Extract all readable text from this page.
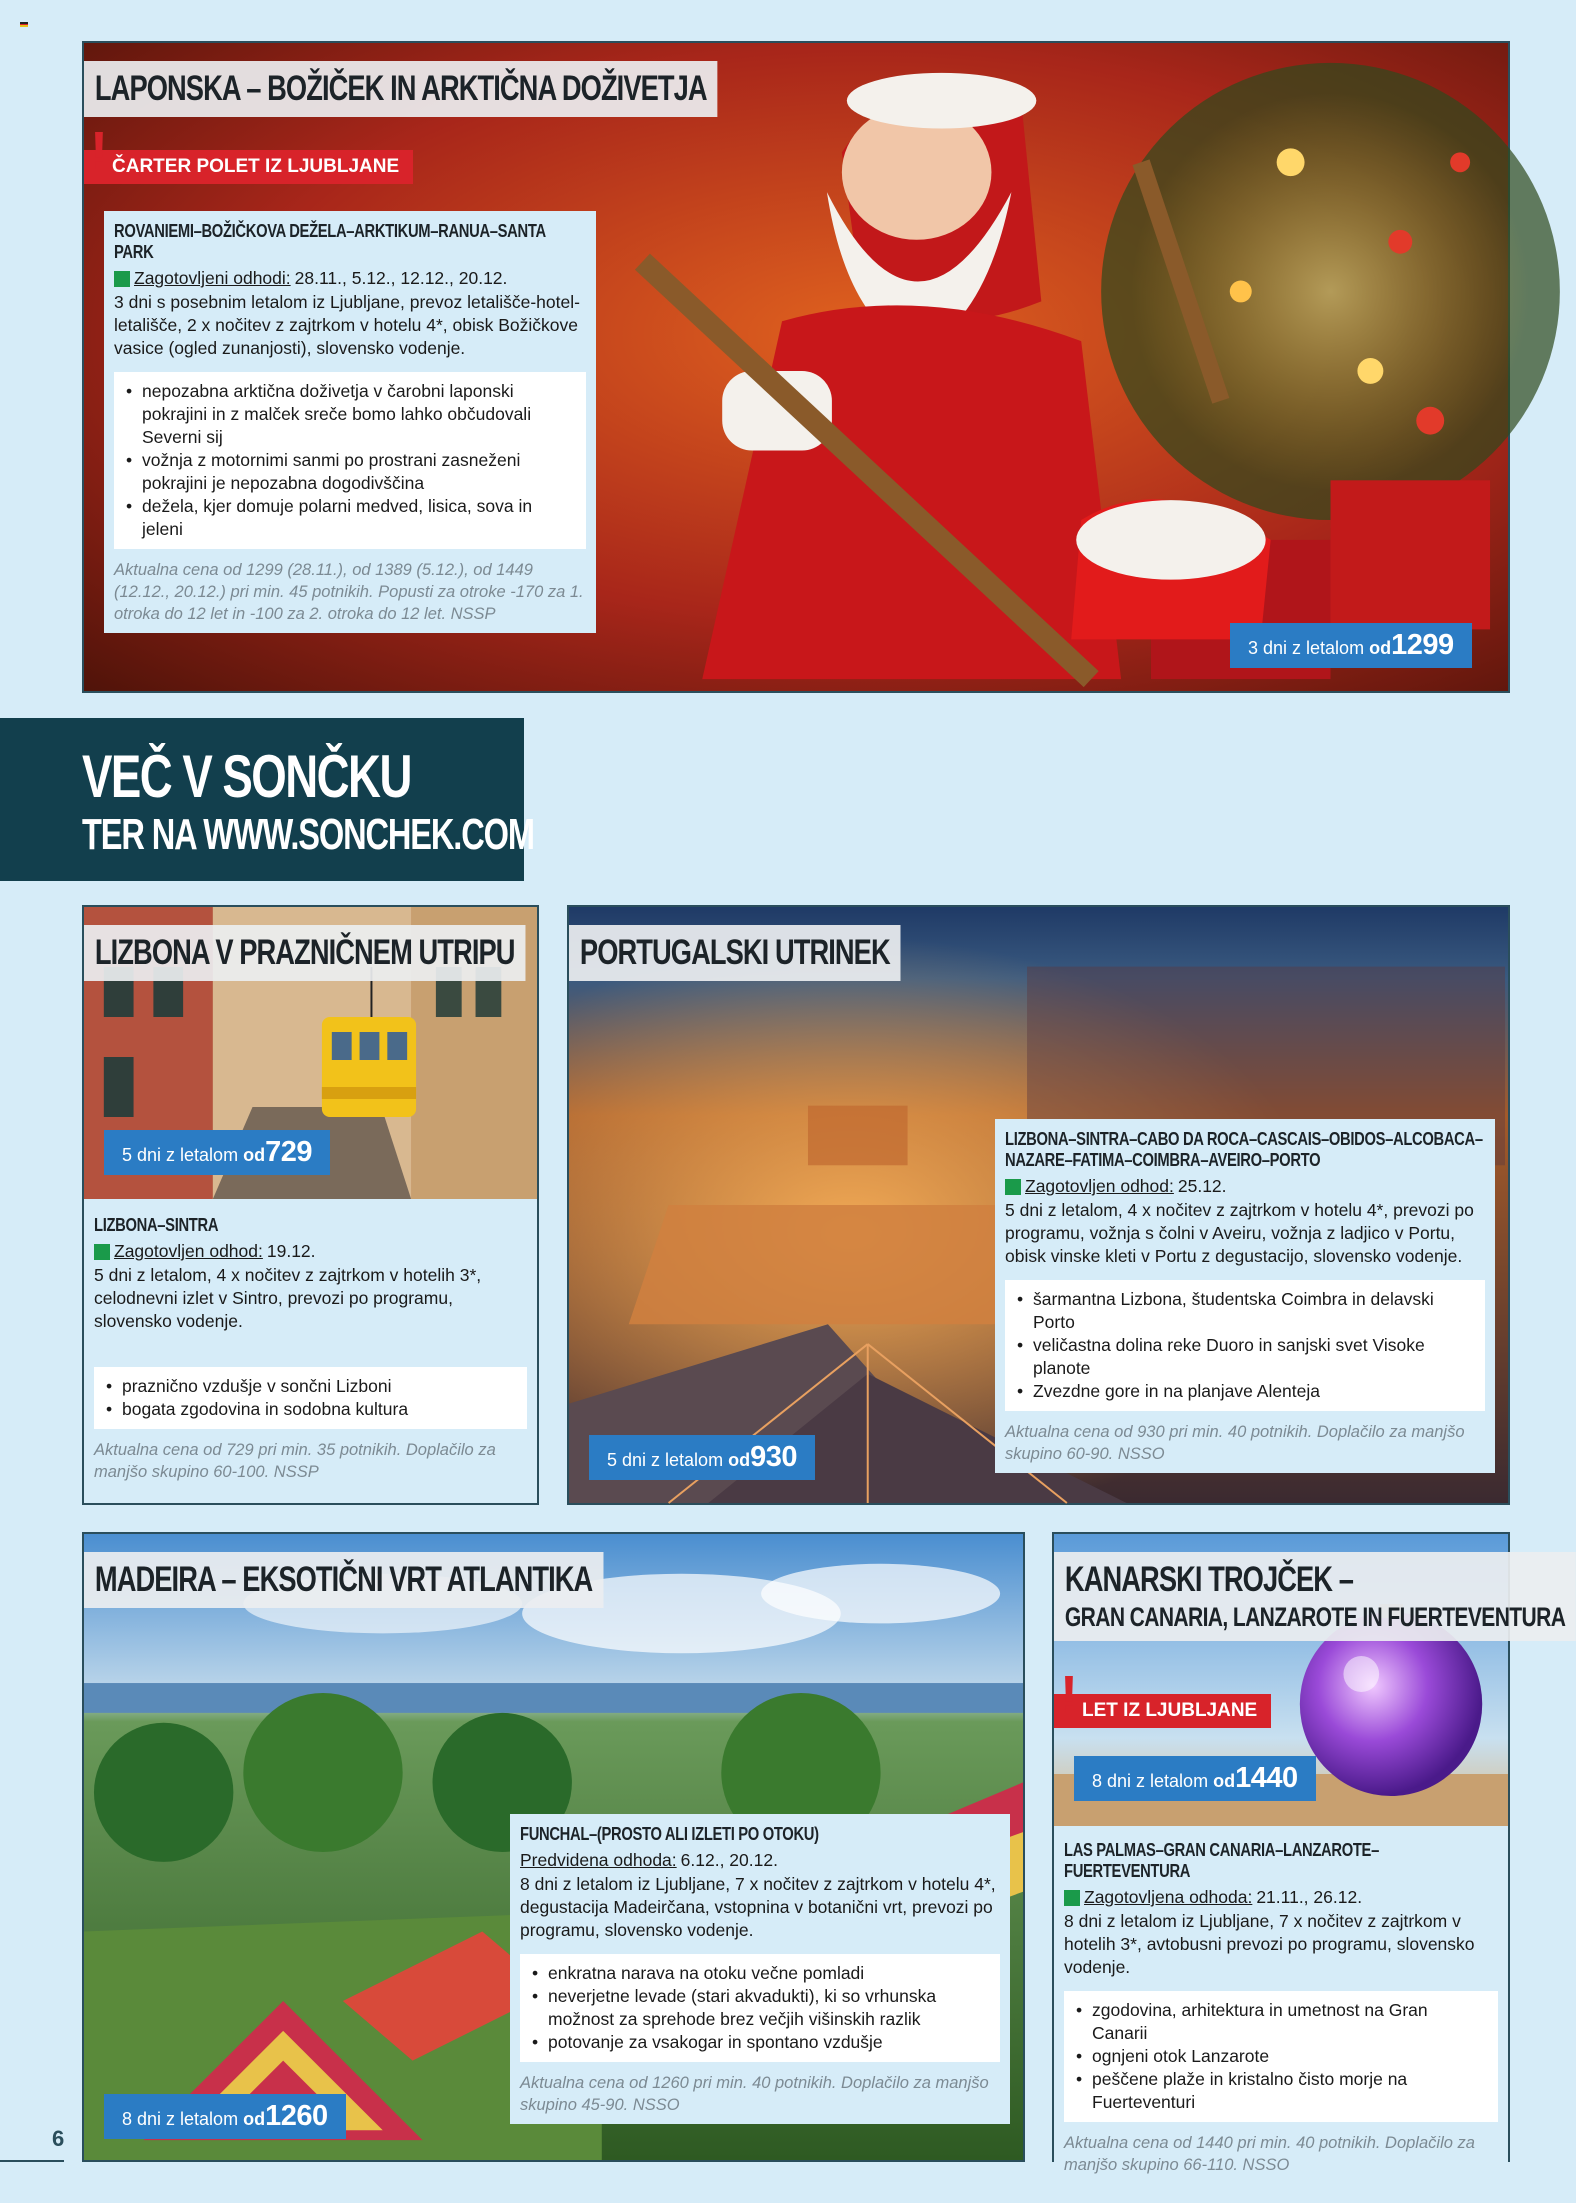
LAPONSKA – BOŽIČEK IN ARKTIČNA DOŽIVETJA
! ČARTER POLET IZ LJUBLJANE
ROVANIEMI–BOŽIČKOVA DEŽELA–ARKTIKUM–RANUA–SANTA PARK
Zagotovljeni odhodi: 28.11., 5.12., 12.12., 20.12.
3 dni s posebnim letalom iz Ljubljane, prevoz letališče-hotel-letališče, 2 x nočitev z zajtrkom v hotelu 4*, obisk Božičkove vasice (ogled zunanjosti), slovensko vodenje.
• nepozabna arktična doživetja v čarobni laponski pokrajini in z malček sreče bomo lahko občudovali Severni sij
• vožnja z motornimi sanmi po prostrani zasneženi pokrajini je nepozabna dogodivščina
• dežela, kjer domuje polarni medved, lisica, sova in jeleni
Aktualna cena od 1299 (28.11.), od 1389 (5.12.), od 1449 (12.12., 20.12.) pri min. 45 potnikih. Popusti za otroke -170 za 1. otroka do 12 let in -100 za 2. otroka do 12 let. NSSP
3 dni z letalom od1299
VEČ V SONČKU
TER NA WWW.SONCHEK.COM
LIZBONA V PRAZNIČNEM UTRIPU
5 dni z letalom od729
LIZBONA–SINTRA
Zagotovljen odhod: 19.12.
5 dni z letalom, 4 x nočitev z zajtrkom v hotelih 3*, celodnevni izlet v Sintro, prevozi po programu, slovensko vodenje.
• praznično vzdušje v sončni Lizboni
• bogata zgodovina in sodobna kultura
Aktualna cena od 729 pri min. 35 potnikih. Doplačilo za manjšo skupino 60-100. NSSP
PORTUGALSKI UTRINEK
LIZBONA–SINTRA–CABO DA ROCA–CASCAIS–OBIDOS–ALCOBACA–NAZARE–FATIMA–COIMBRA–AVEIRO–PORTO
Zagotovljen odhod: 25.12.
5 dni z letalom, 4 x nočitev z zajtrkom v hotelu 4*, prevozi po programu, vožnja s čolni v Aveiru, vožnja z ladjico v Portu, obisk vinske kleti v Portu z degustacijo, slovensko vodenje.
• šarmantna Lizbona, študentska Coimbra in delavski Porto
• veličastna dolina reke Duoro in sanjski svet Visoke planote
• Zvezdne gore in na planjave Alenteja
Aktualna cena od 930 pri min. 40 potnikih. Doplačilo za manjšo skupino 60-90. NSSO
5 dni z letalom od930
MADEIRA – EKSOTIČNI VRT ATLANTIKA
FUNCHAL–(PROSTO ALI IZLETI PO OTOKU)
Predvidena odhoda: 6.12., 20.12.
8 dni z letalom iz Ljubljane, 7 x nočitev z zajtrkom v hotelu 4*, degustacija Madeirčana, vstopnina v botanični vrt, prevozi po programu, slovensko vodenje.
• enkratna narava na otoku večne pomladi
• neverjetne levade (stari akvadukti), ki so vrhunska možnost za sprehode brez večjih višinskih razlik
• potovanje za vsakogar in spontano vzdušje
Aktualna cena od 1260 pri min. 40 potnikih. Doplačilo za manjšo skupino 45-90. NSSO
8 dni z letalom od1260
KANARSKI TROJČEK –
GRAN CANARIA, LANZAROTE IN FUERTEVENTURA
! LET IZ LJUBLJANE
8 dni z letalom od1440
LAS PALMAS–GRAN CANARIA–LANZAROTE–FUERTEVENTURA
Zagotovljena odhoda: 21.11., 26.12.
8 dni z letalom iz Ljubljane, 7 x nočitev z zajtrkom v hotelih 3*, avtobusni prevozi po programu, slovensko vodenje.
• zgodovina, arhitektura in umetnost na Gran Canarii
• ognjeni otok Lanzarote
• peščene plaže in kristalno čisto morje na Fuerteventuri
Aktualna cena od 1440 pri min. 40 potnikih. Doplačilo za manjšo skupino 66-110. NSSO
6
